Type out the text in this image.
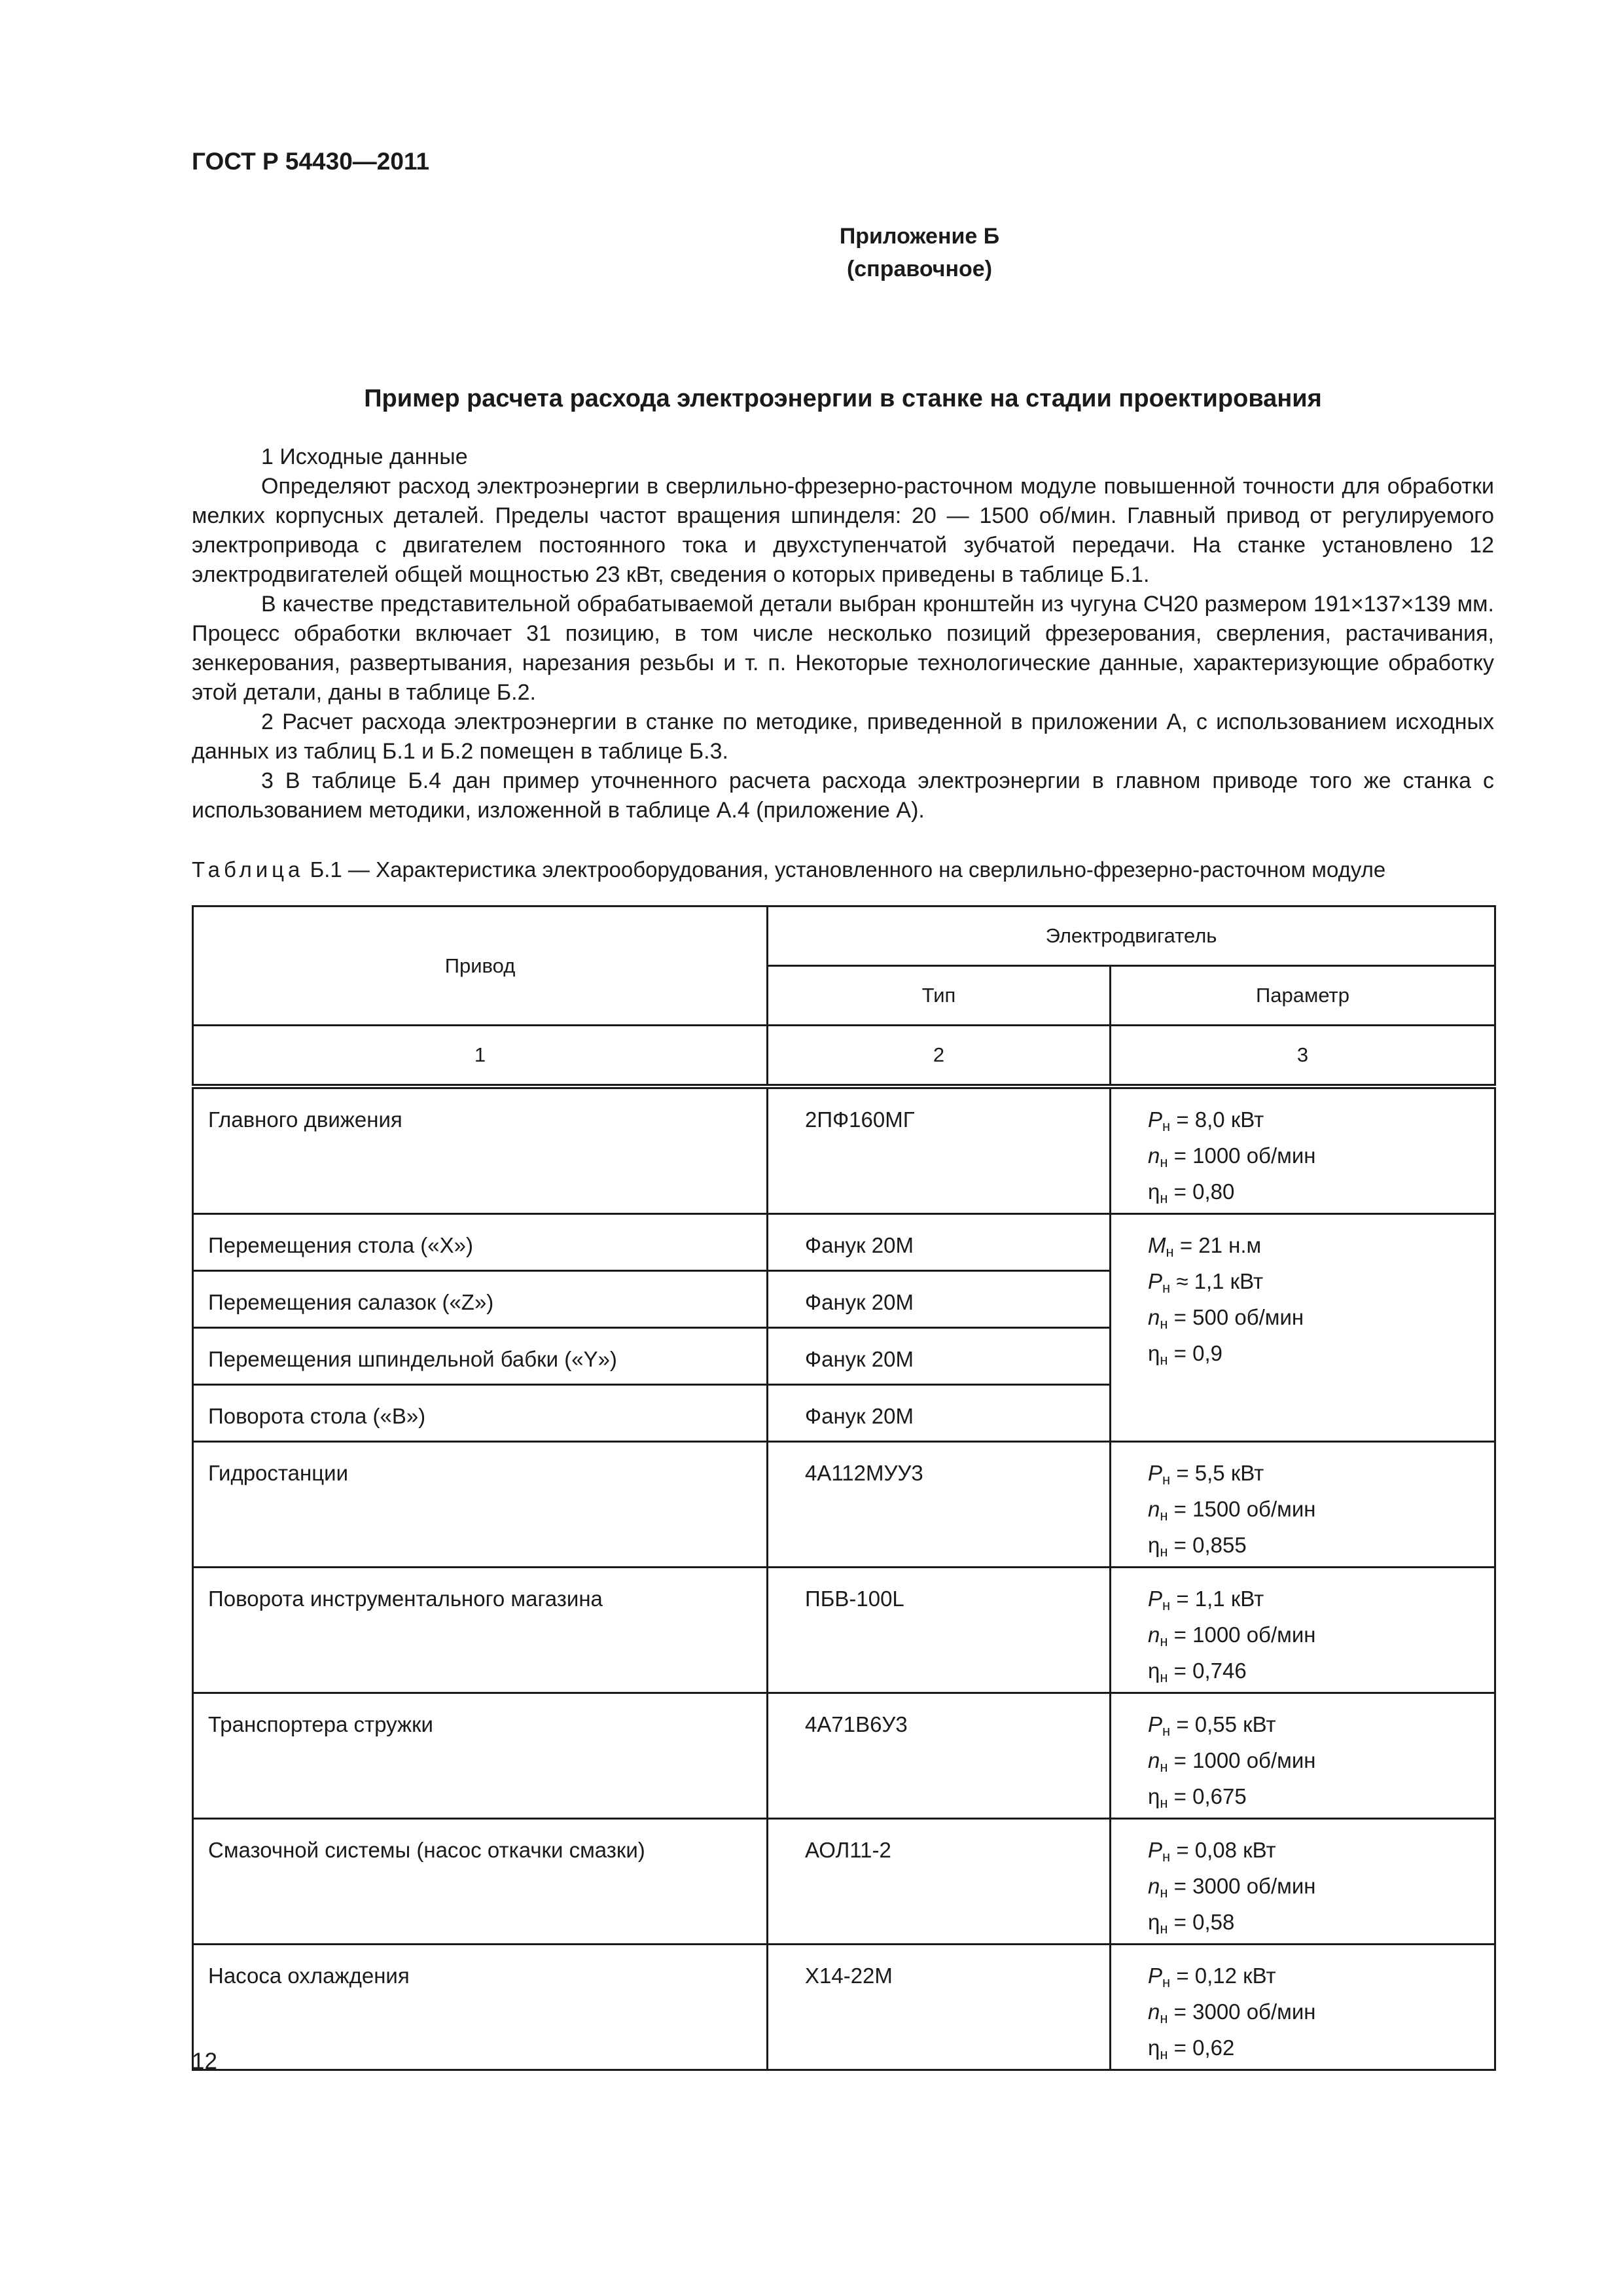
ГОСТ Р 54430—2011
Приложение Б
(справочное)
Пример расчета расхода электроэнергии в станке на стадии проектирования

1 Исходные данные

Определяют расход электроэнергии в сверлильно-фрезерно-расточном модуле повышенной точности для обработки мелких корпусных деталей. Пределы частот вращения шпинделя: 20 — 1500 об/мин. Главный привод от регулируемого электропривода с двигателем постоянного тока и двухступенчатой зубчатой передачи. На станке установлено 12 электродвигателей общей мощностью 23 кВт, сведения о которых приведены в таблице Б.1.

В качестве представительной обрабатываемой детали выбран кронштейн из чугуна СЧ20 размером 191×137×139 мм. Процесс обработки включает 31 позицию, в том числе несколько позиций фрезерования, сверления, растачивания, зенкерования, развертывания, нарезания резьбы и т. п. Некоторые технологические данные, характеризующие обработку этой детали, даны в таблице Б.2.

2 Расчет расхода электроэнергии в станке по методике, приведенной в приложении А, с использованием исходных данных из таблиц Б.1 и Б.2 помещен в таблице Б.3.

3 В таблице Б.4 дан пример уточненного расчета расхода электроэнергии в главном приводе того же станка с использованием методики, изложенной в таблице А.4 (приложение А).

Таблица Б.1 — Характеристика электрооборудования, установленного на сверлильно-фрезерно-расточном модуле
Привод	Электродвигатель	
	Тип	Параметр
1	2	3

Главного движения	2ПФ160МГ	$P_н = 8,0$ кВт
$n_н = 1000$ об/мин
$\eta_н = 0,80$

Перемещения стола («X»)	Фанук 20М	$M_н = 21$ н.м
$P_н \approx 1,1$ кВт
$n_н = 500$ об/мин
$\eta_н = 0,9$

Перемещения салазок («Z»)	Фанук 20М	

Перемещения шпиндельной бабки («Y»)	Фанук 20М	

Поворота стола («B»)	Фанук 20М	

Гидростанции	4А112МУУ3	$P_н = 5,5$ кВт
$n_н = 1500$ об/мин
$\eta_н = 0,855$

Поворота инструментального магазина	ПБВ-100L	$P_н = 1,1$ кВт
$n_н = 1000$ об/мин
$\eta_н = 0,746$

Транспортера стружки	4А71В6У3	$P_н = 0,55$ кВт
$n_н = 1000$ об/мин
$\eta_н = 0,675$

Смазочной системы (насос откачки смазки)	АОЛ11-2	$P_н = 0,08$ кВт
$n_н = 3000$ об/мин
$\eta_н = 0,58$

Насоса охлаждения	Х14-22М	$P_н = 0,12$ кВт
$n_н = 3000$ об/мин
$\eta_н = 0,62$
12
